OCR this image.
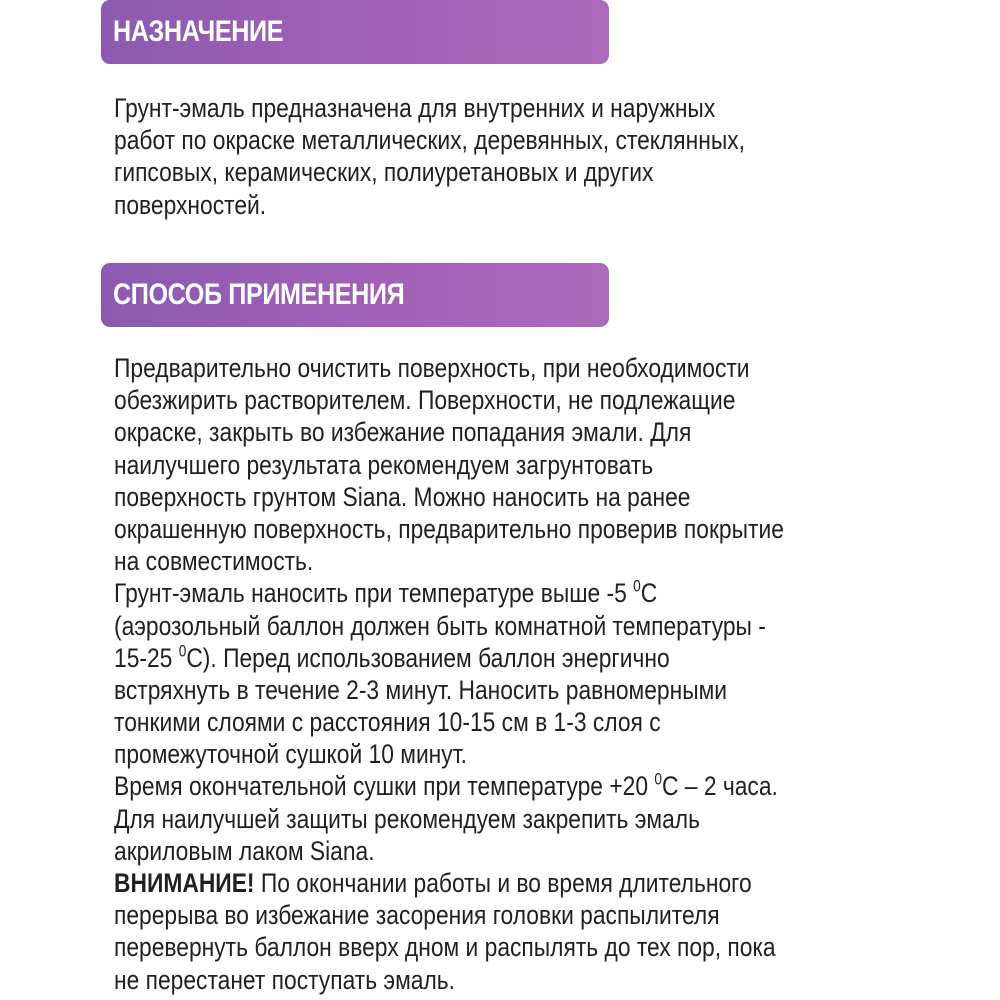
НАЗНАЧЕНИЕ
Грунт-эмаль предназначена для внутренних и наружных
работ по окраске металлических, деревянных, стеклянных,
гипсовых, керамических, полиуретановых и других
поверхностей.
СПОСОБ ПРИМЕНЕНИЯ
Предварительно очистить поверхность, при необходимости
обезжирить растворителем. Поверхности, не подлежащие
окраске, закрыть во избежание попадания эмали. Для
наилучшего результата рекомендуем загрунтовать
поверхность грунтом Siana. Можно наносить на ранее
окрашенную поверхность, предварительно проверив покрытие
на совместимость.
Грунт-эмаль наносить при температуре выше -5 $^0$С
(аэрозольный баллон должен быть комнатной температуры -
15-25 $^0$С). Перед использованием баллон энергично
встряхнуть в течение 2-3 минут. Наносить равномерными
тонкими слоями с расстояния 10-15 см в 1-3 слоя с
промежуточной сушкой 10 минут.
Время окончательной сушки при температуре +20 $^0$С – 2 часа.
Для наилучшей защиты рекомендуем закрепить эмаль
акриловым лаком Siana.
ВНИМАНИЕ! По окончании работы и во время длительного
перерыва во избежание засорения головки распылителя
перевернуть баллон вверх дном и распылять до тех пор, пока
не перестанет поступать эмаль.
